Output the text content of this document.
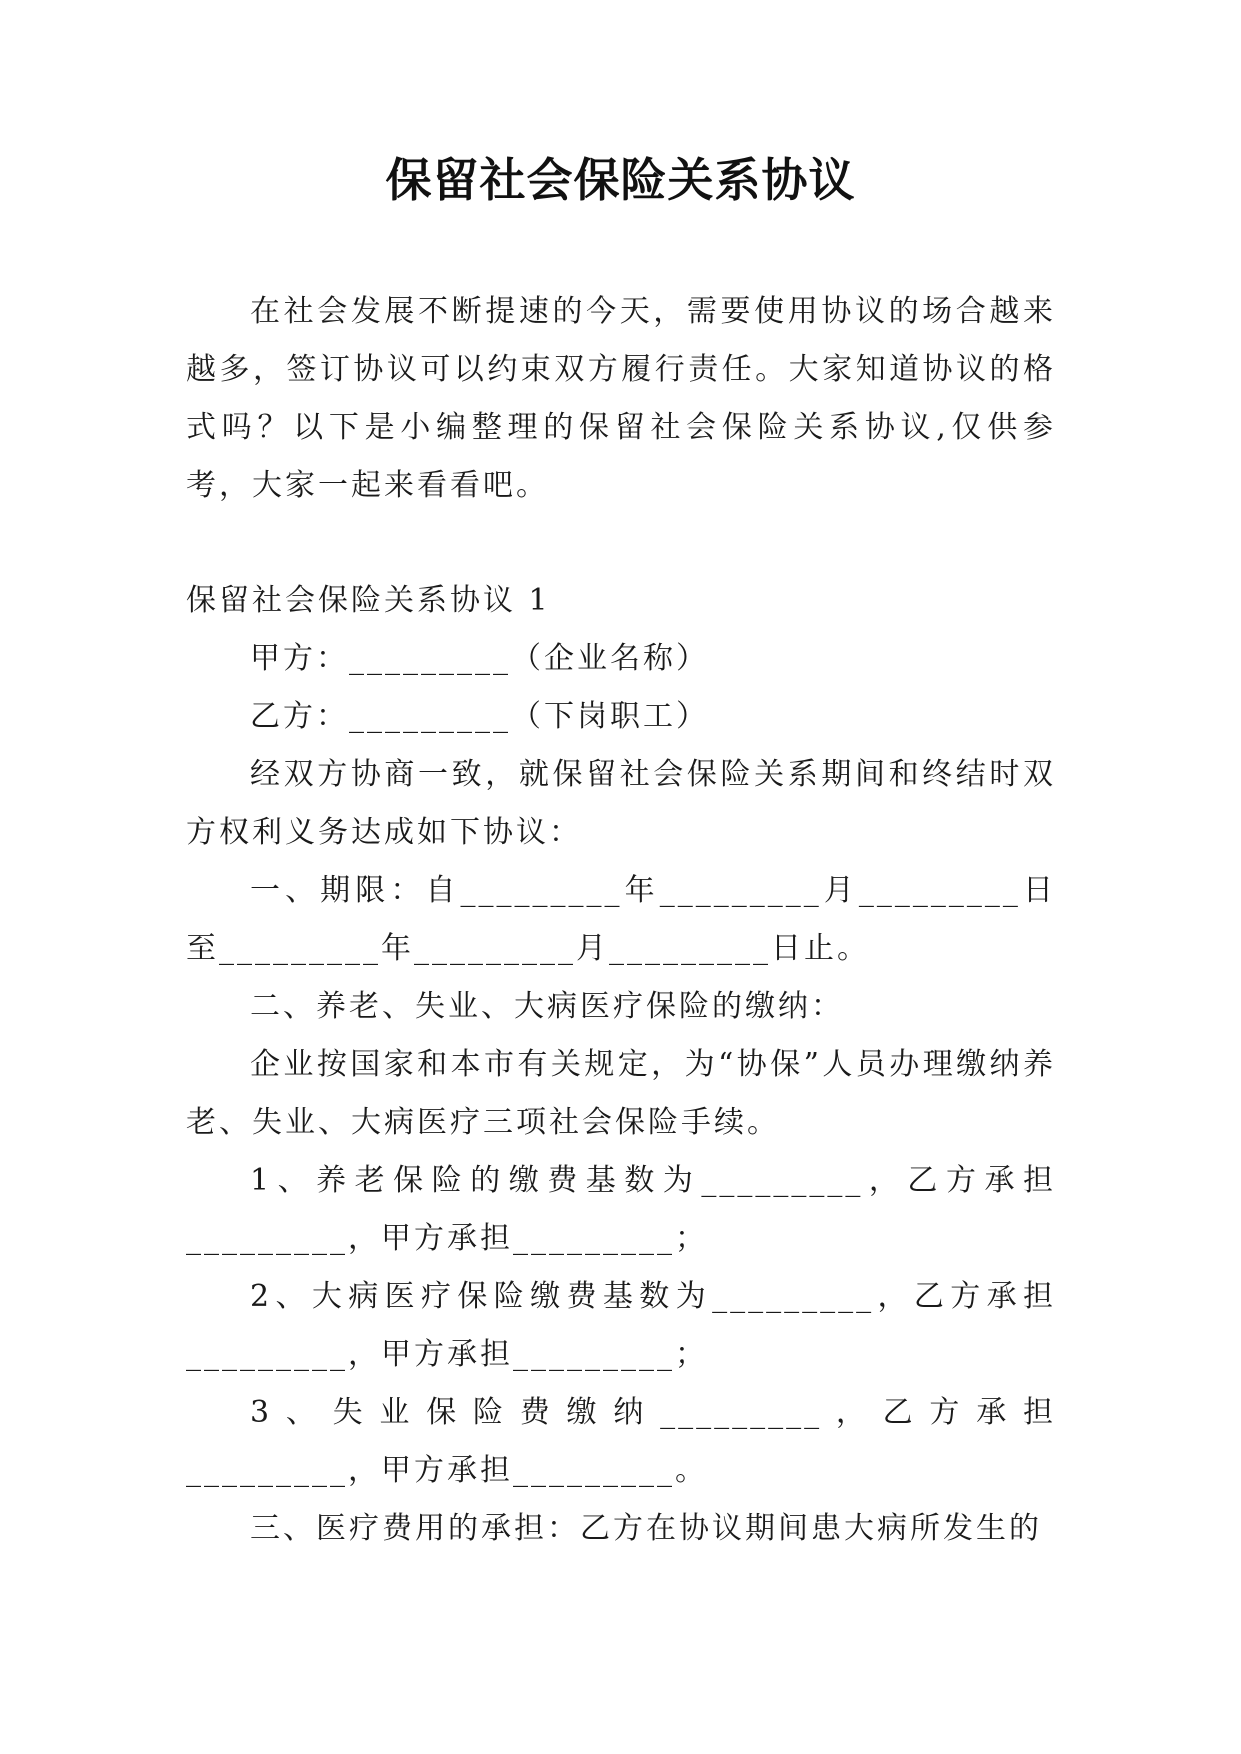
保留社会保险关系协议

在社会发展不断提速的今天，需要使用协议的场合越来越多，签订协议可以约束双方履行责任。大家知道协议的格式吗？以下是小编整理的保留社会保险关系协议,仅供参考，大家一起来看看吧。

保留社会保险关系协议 1

甲方：_________（企业名称）

乙方：_________（下岗职工）

经双方协商一致，就保留社会保险关系期间和终结时双方权利义务达成如下协议：

一、期限：自_________年_________月_________日至_________年_________月_________日止。

二、养老、失业、大病医疗保险的缴纳：

企业按国家和本市有关规定，为“协保”人员办理缴纳养老、失业、大病医疗三项社会保险手续。

1、养老保险的缴费基数为_________，乙方承担_________，甲方承担_________；

2、大病医疗保险缴费基数为_________，乙方承担_________，甲方承担_________；

3、失业保险费缴纳_________，乙方承担_________，甲方承担_________。

三、医疗费用的承担：乙方在协议期间患大病所发生的
